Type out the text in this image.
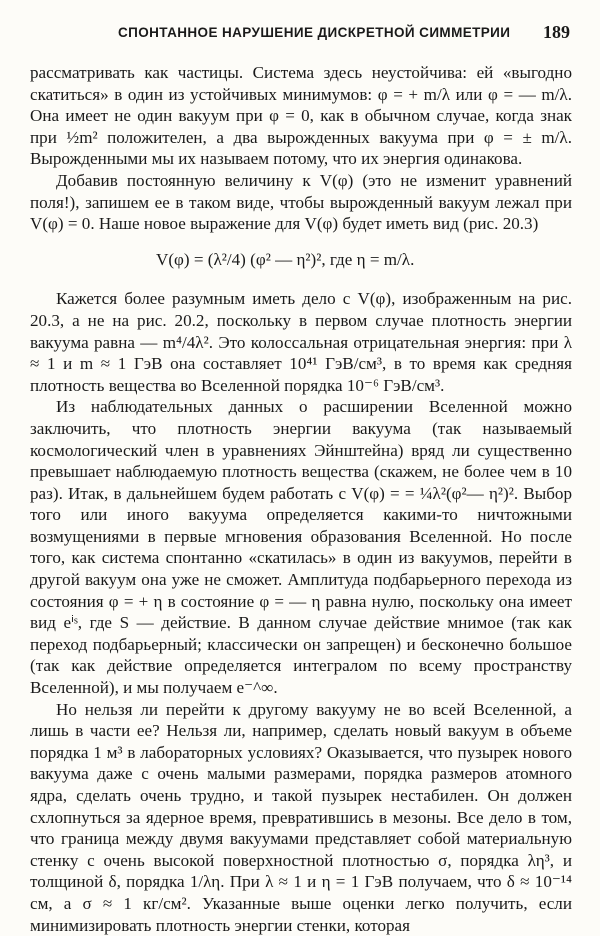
СПОНТАННОЕ НАРУШЕНИЕ ДИСКРЕТНОЙ СИММЕТРИИ 189

рассматривать как частицы. Система здесь неустойчива: ей «выгодно скатиться» в один из устойчивых минимумов: φ = + m/λ или φ = — m/λ. Она имеет не один вакуум при φ = 0, как в обычном случае, когда знак при ½m² положителен, а два вырожденных вакуума при φ = ± m/λ. Вырожденными мы их называем потому, что их энергия одинакова.

Добавив постоянную величину к V(φ) (это не изменит уравнений поля!), запишем ее в таком виде, чтобы вырожденный вакуум лежал при V(φ) = 0. Наше новое выражение для V(φ) будет иметь вид (рис. 20.3)

V(φ) = (λ²/4) (φ² — η²)², где η = m/λ.

Кажется более разумным иметь дело с V(φ), изображенным на рис. 20.3, а не на рис. 20.2, поскольку в первом случае плотность энергии вакуума равна — m⁴/4λ². Это колоссальная отрицательная энергия: при λ ≈ 1 и m ≈ 1 ГэВ она составляет 10⁴¹ ГэВ/см³, в то время как средняя плотность вещества во Вселенной порядка 10⁻⁶ ГэВ/см³.

Из наблюдательных данных о расширении Вселенной можно заключить, что плотность энергии вакуума (так называемый космологический член в уравнениях Эйнштейна) вряд ли существенно превышает наблюдаемую плотность вещества (скажем, не более чем в 10 раз). Итак, в дальнейшем будем работать с V(φ) = = ¼λ²(φ²— η²)². Выбор того или иного вакуума определяется какими-то ничтожными возмущениями в первые мгновения образования Вселенной. Но после того, как система спонтанно «скатилась» в один из вакуумов, перейти в другой вакуум она уже не сможет. Амплитуда подбарьерного перехода из состояния φ = + η в состояние φ = — η равна нулю, поскольку она имеет вид eⁱˢ, где S — действие. В данном случае действие мнимое (так как переход подбарьерный; классически он запрещен) и бесконечно большое (так как действие определяется интегралом по всему пространству Вселенной), и мы получаем e⁻^∞.

Но нельзя ли перейти к другому вакууму не во всей Вселенной, а лишь в части ее? Нельзя ли, например, сделать новый вакуум в объеме порядка 1 м³ в лабораторных условиях? Оказывается, что пузырек нового вакуума даже с очень малыми размерами, порядка размеров атомного ядра, сделать очень трудно, и такой пузырек нестабилен. Он должен схлопнуться за ядерное время, превратившись в мезоны. Все дело в том, что граница между двумя вакуумами представляет собой материальную стенку с очень высокой поверхностной плотностью σ, порядка λη³, и толщиной δ, порядка 1/λη. При λ ≈ 1 и η = 1 ГэВ получаем, что δ ≈ 10⁻¹⁴ см, а σ ≈ 1 кг/см². Указанные выше оценки легко получить, если минимизировать плотность энергии стенки, которая
